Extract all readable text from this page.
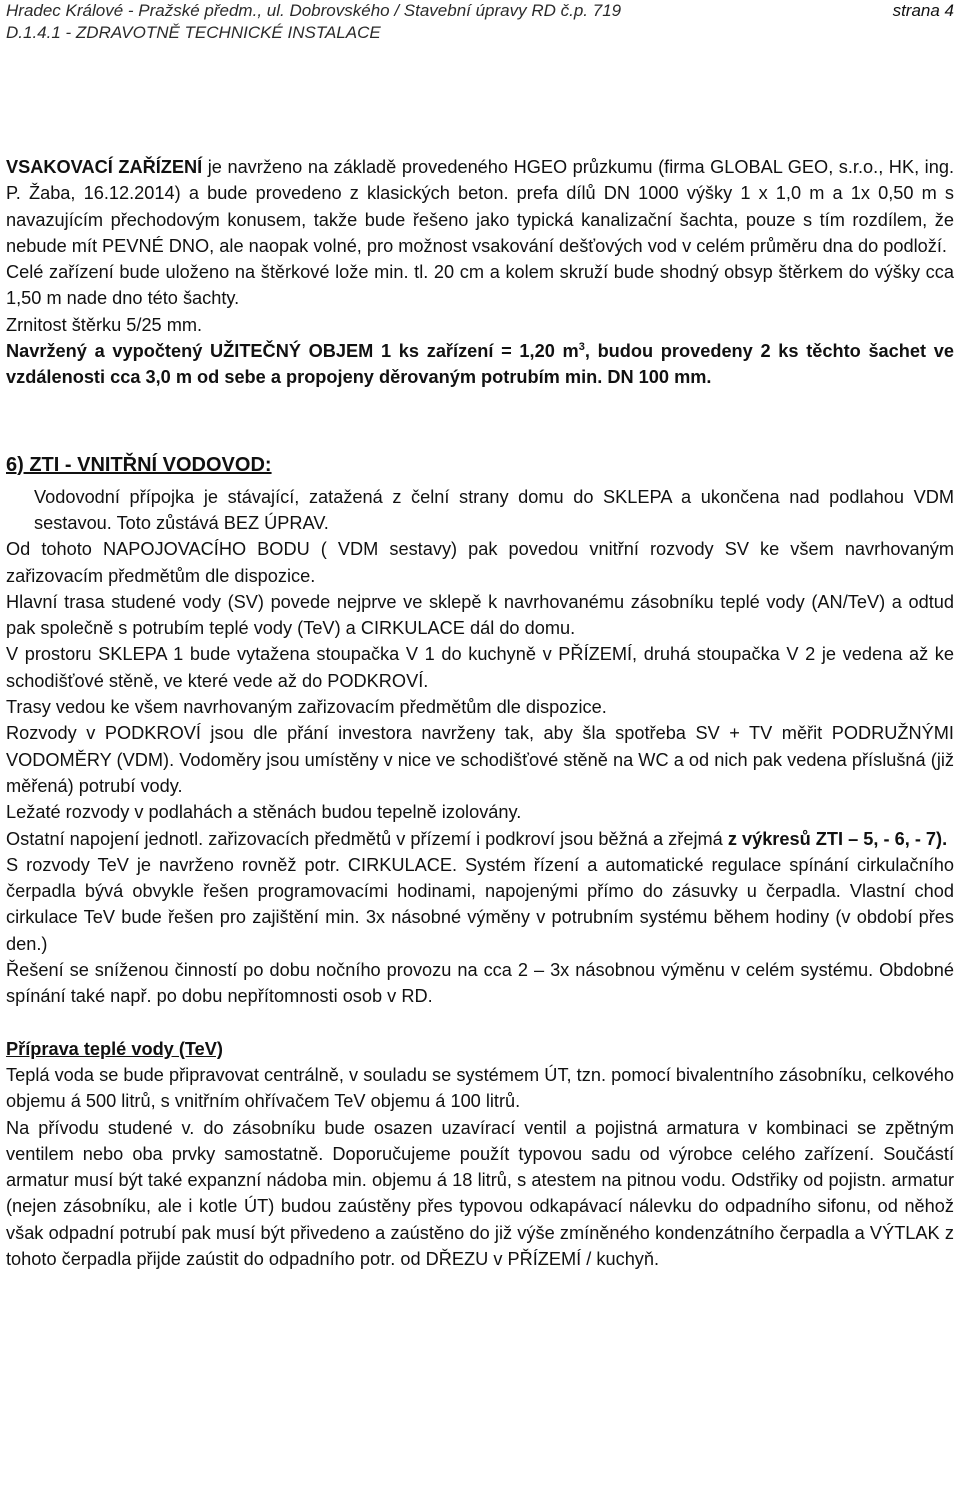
Hradec Králové - Pražské předm., ul. Dobrovského / Stavební úpravy RD č.p. 719	strana 4
D.1.4.1 - ZDRAVOTNĚ TECHNICKÉ INSTALACE

VSAKOVACÍ ZAŘÍZENÍ je navrženo na základě provedeného HGEO průzkumu (firma GLOBAL GEO, s.r.o., HK, ing. P. Žaba, 16.12.2014) a bude provedeno z klasických beton. prefa dílů DN 1000 výšky 1 x 1,0 m a 1x 0,50 m s navazujícím přechodovým konusem, takže bude řešeno jako typická kanalizační šachta, pouze s tím rozdílem, že nebude mít PEVNÉ DNO, ale naopak volné, pro možnost vsakování dešťových vod v celém průměru dna do podloží.

Celé zařízení bude uloženo na štěrkové lože min. tl. 20 cm a kolem skruží bude shodný obsyp štěrkem do výšky cca 1,50 m nade dno této šachty.

Zrnitost štěrku 5/25 mm.

Navržený a vypočtený UŽITEČNÝ OBJEM 1 ks zařízení = 1,20 $m^3$, budou provedeny 2 ks těchto šachet ve vzdálenosti cca 3,0 m od sebe a propojeny děrovaným potrubím min. DN 100 mm.

6) ZTI - VNITŘNÍ VODOVOD:

Vodovodní přípojka je stávající, zatažená z čelní strany domu do SKLEPA a ukončena nad podlahou VDM sestavou. Toto zůstává BEZ ÚPRAV.

Od tohoto NAPOJOVACÍHO BODU ( VDM sestavy) pak povedou vnitřní rozvody SV ke všem navrhovaným zařizovacím předmětům dle dispozice.

Hlavní trasa studené vody (SV) povede nejprve ve sklepě k navrhovanému zásobníku teplé vody (AN/TeV) a odtud pak společně s potrubím teplé vody (TeV) a CIRKULACE dál do domu.

V prostoru SKLEPA 1 bude vytažena stoupačka V 1 do kuchyně v PŘÍZEMÍ, druhá stoupačka V 2 je vedena až ke schodišťové stěně, ve které vede až do PODKROVÍ.

Trasy vedou ke všem navrhovaným zařizovacím předmětům dle dispozice.

Rozvody v PODKROVÍ jsou dle přání investora navrženy tak, aby šla spotřeba SV + TV měřit PODRUŽNÝMI VODOMĚRY (VDM). Vodoměry jsou umístěny v nice ve schodišťové stěně na WC a od nich pak vedena příslušná (již měřená) potrubí vody.

Ležaté rozvody v podlahách a stěnách budou tepelně izolovány.

Ostatní napojení jednotl. zařizovacích předmětů v přízemí i podkroví jsou běžná a zřejmá z výkresů ZTI – 5, - 6, - 7).

S rozvody TeV je navrženo rovněž potr. CIRKULACE. Systém řízení a automatické regulace spínání cirkulačního čerpadla bývá obvykle řešen programovacími hodinami, napojenými přímo do zásuvky u čerpadla. Vlastní chod cirkulace TeV bude řešen pro zajištění min. 3x násobné výměny v potrubním systému během hodiny (v období přes den.)

Řešení se sníženou činností po dobu nočního provozu na cca 2 – 3x násobnou výměnu v celém systému. Obdobné spínání také např. po dobu nepřítomnosti osob v RD.

Příprava teplé vody (TeV)

Teplá voda se bude připravovat centrálně, v souladu se systémem ÚT, tzn. pomocí bivalentního zásobníku, celkového objemu á 500 litrů, s vnitřním ohřívačem TeV objemu á 100 litrů.

Na přívodu studené v. do zásobníku bude osazen uzavírací ventil a pojistná armatura v kombinaci se zpětným ventilem nebo oba prvky samostatně. Doporučujeme použít typovou sadu od výrobce celého zařízení. Součástí armatur musí být také expanzní nádoba min. objemu á 18 litrů, s atestem na pitnou vodu. Odstřiky od pojistn. armatur (nejen zásobníku, ale i kotle ÚT) budou zaústěny přes typovou odkapávací nálevku do odpadního sifonu, od něhož však odpadní potrubí pak musí být přivedeno a zaústěno do již výše zmíněného kondenzátního čerpadla a VÝTLAK z tohoto čerpadla přijde zaústit do odpadního potr. od DŘEZU v PŘÍZEMÍ / kuchyň.
